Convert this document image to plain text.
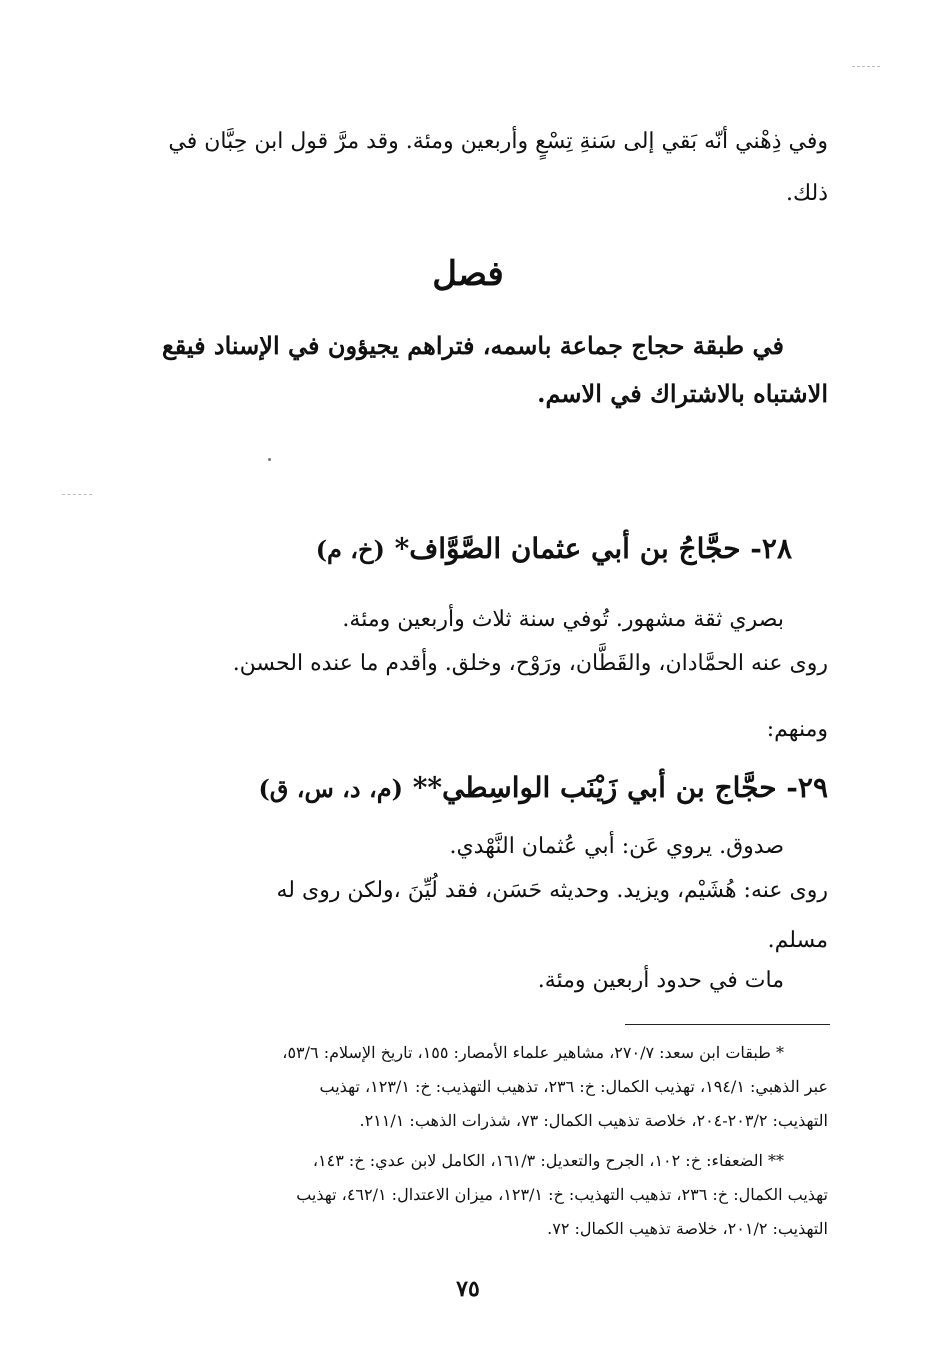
وفي ذِهْني أنّه بَقي إلى سَنةِ تِسْعٍ وأربعين ومئة. وقد مرَّ قول ابن حِبَّان في
ذلك.
فصل
في طبقة حجاج جماعة باسمه، فتراهم يجيؤون في الإسناد فيقع
الاشتباه بالاشتراك في الاسم.
٢٨- حجَّاجُ بن أبي عثمان الصَّوَّاف* (خ، م)
بصري ثقة مشهور. تُوفي سنة ثلاث وأربعين ومئة.
روى عنه الحمَّادان، والقَطَّان، ورَوْح، وخلق. وأقدم ما عنده الحسن.
ومنهم:
٢٩- حجَّاج بن أبي زَيْنَب الواسِطي** (م، د، س، ق)
صدوق. يروي عَن: أبي عُثمان النَّهْدي.
روى عنه: هُشَيْم، ويزيد. وحديثه حَسَن، فقد لُيِّنَ ،ولكن روى له
مسلم.
مات في حدود أربعين ومئة.
* طبقات ابن سعد: ٢٧٠/٧، مشاهير علماء الأمصار: ١٥٥، تاريخ الإسلام: ٥٣/٦،
عبر الذهبي: ١٩٤/١، تهذيب الكمال: خ: ٢٣٦، تذهيب التهذيب: خ: ١٢٣/١، تهذيب
التهذيب: ٢٠٣/٢-٢٠٤، خلاصة تذهيب الكمال: ٧٣، شذرات الذهب: ٢١١/١.
** الضعفاء: خ: ١٠٢، الجرح والتعديل: ١٦١/٣، الكامل لابن عدي: خ: ١٤٣،
تهذيب الكمال: خ: ٢٣٦، تذهيب التهذيب: خ: ١٢٣/١، ميزان الاعتدال: ٤٦٢/١، تهذيب
التهذيب: ٢٠١/٢، خلاصة تذهيب الكمال: ٧٢.
٧٥
